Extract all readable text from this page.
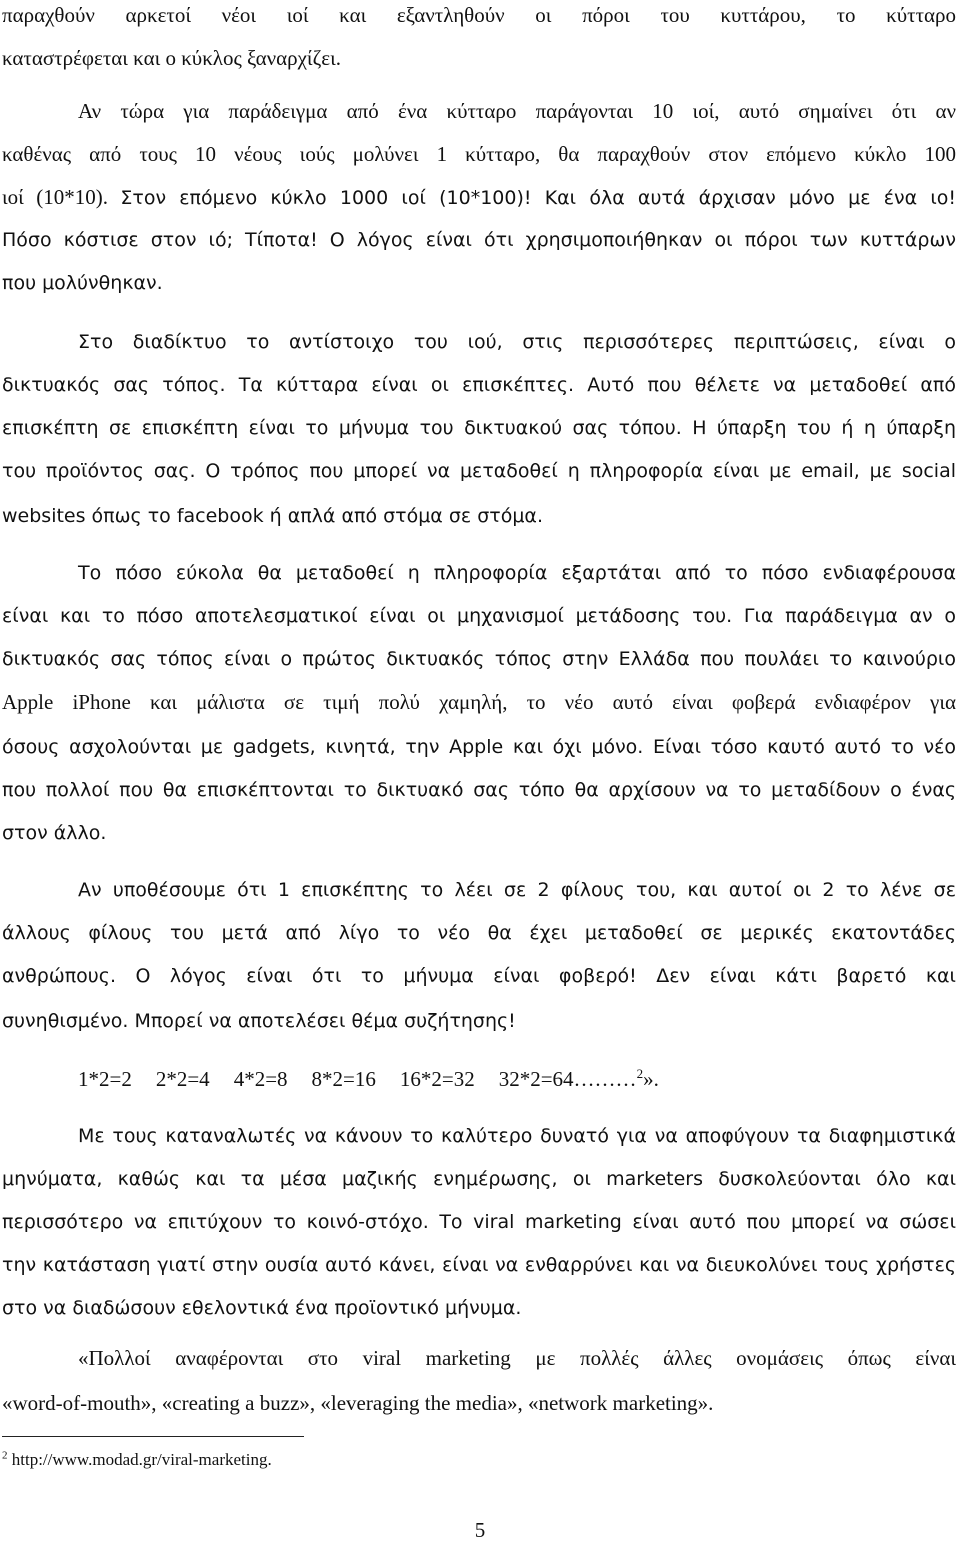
παραχθούν αρκετοί νέοι ιοί και εξαντληθούν οι πόροι του κυττάρου, το κύτταρο
καταστρέφεται και ο κύκλος ξαναρχίζει.
Αν τώρα για παράδειγμα από ένα κύτταρο παράγονται 10 ιοί, αυτό σημαίνει ότι αν
καθένας από τους 10 νέους ιούς μολύνει 1 κύτταρο, θα παραχθούν στον επόμενο κύκλο 100
ιοί (10*10). Στον επόμενο κύκλο 1000 ιοί (10*100)! Και όλα αυτά άρχισαν μόνο με ένα ιο!
Πόσο κόστισε στον ιό; Τίποτα! Ο λόγος είναι ότι χρησιμοποιήθηκαν οι πόροι των κυττάρων
που μολύνθηκαν.
Στο διαδίκτυο το αντίστοιχο του ιού, στις περισσότερες περιπτώσεις, είναι ο
δικτυακός σας τόπος. Τα κύτταρα είναι οι επισκέπτες. Αυτό που θέλετε να μεταδοθεί από
επισκέπτη σε επισκέπτη είναι το μήνυμα του δικτυακού σας τόπου. Η ύπαρξη του ή η ύπαρξη
του προϊόντος σας. Ο τρόπος που μπορεί να μεταδοθεί η πληροφορία είναι με email, με social
websites όπως το facebook ή απλά από στόμα σε στόμα.
Το πόσο εύκολα θα μεταδοθεί η πληροφορία εξαρτάται από το πόσο ενδιαφέρουσα
είναι και το πόσο αποτελεσματικοί είναι οι μηχανισμοί μετάδοσης του. Για παράδειγμα αν ο
δικτυακός σας τόπος είναι ο πρώτος δικτυακός τόπος στην Ελλάδα που πουλάει το καινούριο
Apple iPhone και μάλιστα σε τιμή πολύ χαμηλή, το νέο αυτό είναι φοβερά ενδιαφέρον για
όσους ασχολούνται με gadgets, κινητά, την Apple και όχι μόνο. Είναι τόσο καυτό αυτό το νέο
που πολλοί που θα επισκέπτονται το δικτυακό σας τόπο θα αρχίσουν να το μεταδίδουν ο ένας
στον άλλο.
Αν υποθέσουμε ότι 1 επισκέπτης το λέει σε 2 φίλους του, και αυτοί οι 2 το λένε σε
άλλους φίλους του μετά από λίγο το νέο θα έχει μεταδοθεί σε μερικές εκατοντάδες
ανθρώπους. Ο λόγος είναι ότι το μήνυμα είναι φοβερό! Δεν είναι κάτι βαρετό και
συνηθισμένο. Μπορεί να αποτελέσει θέμα συζήτησης!
1*2=2 2*2=4 4*2=8 8*2=16 16*2=32 32*2=64………$^2$».
Με τους καταναλωτές να κάνουν το καλύτερο δυνατό για να αποφύγουν τα διαφημιστικά
μηνύματα, καθώς και τα μέσα μαζικής ενημέρωσης, οι marketers δυσκολεύονται όλο και
περισσότερο να επιτύχουν το κοινό-στόχο. Το viral marketing είναι αυτό που μπορεί να σώσει
την κατάσταση γιατί στην ουσία αυτό κάνει, είναι να ενθαρρύνει και να διευκολύνει τους χρήστες
στο να διαδώσουν εθελοντικά ένα προϊοντικό μήνυμα.
«Πολλοί αναφέρονται στο viral marketing με πολλές άλλες ονομάσεις όπως είναι
«word-of-mouth», «creating a buzz», «leveraging the media», «network marketing».
$^2$ http://www.modad.gr/viral-marketing.
5
